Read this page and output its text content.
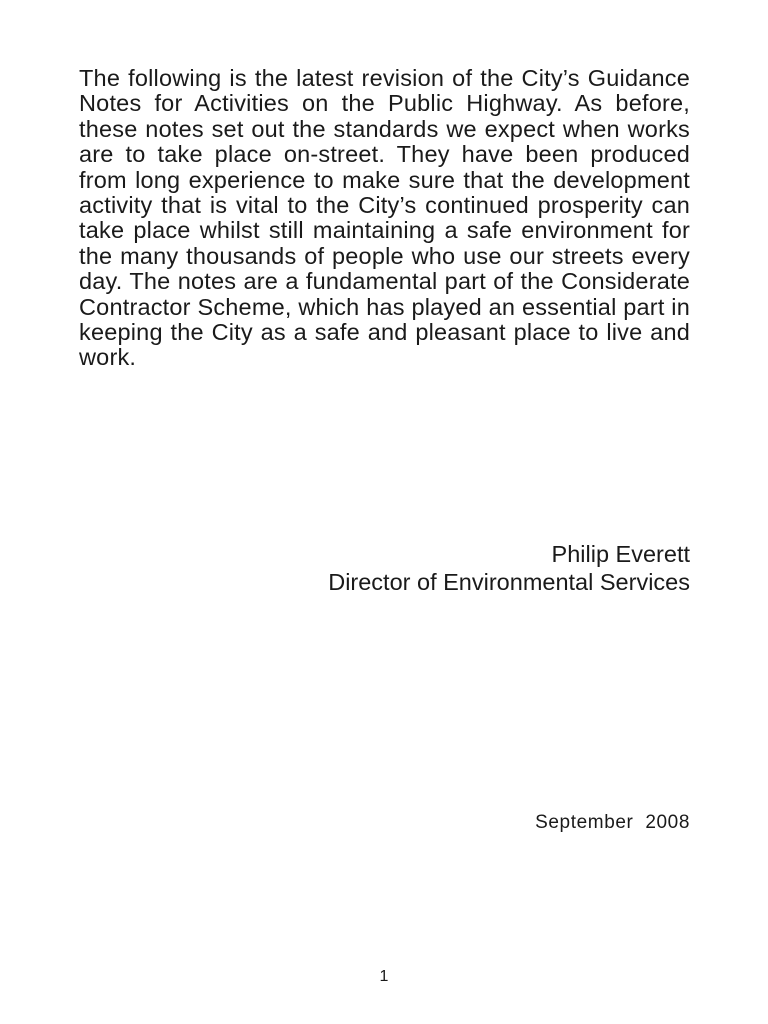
The following is the latest revision of the City’s Guidance Notes for Activities on the Public Highway. As before, these notes set out the standards we expect when works are to take place on-street. They have been produced from long experience to make sure that the development activity that is vital to the City’s continued prosperity can take place whilst still maintaining a safe environment for the many thousands of people who use our streets every day. The notes are a fundamental part of the Considerate Contractor Scheme, which has played an essential part in keeping the City as a safe and pleasant place to live and work.

Philip Everett
Director of Environmental Services
September 2008
1
